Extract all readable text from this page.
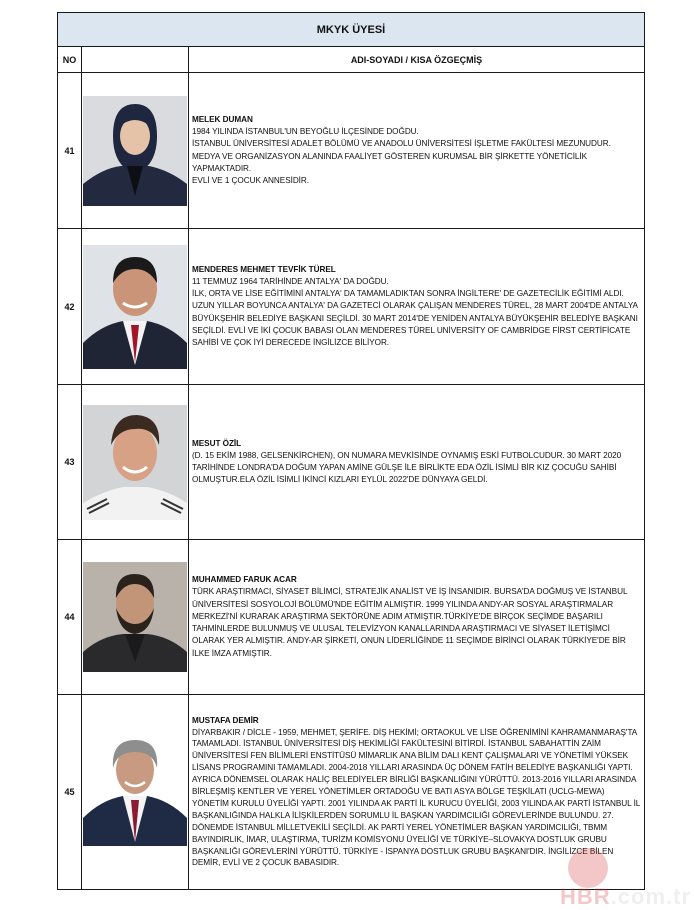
MKYK ÜYESİ
NO	ADI-SOYADI / KISA ÖZGEÇMİŞ
41
MELEK DUMAN

1984 YILINDA İSTANBUL'UN BEYOĞLU İLÇESİNDE DOĞDU.

İSTANBUL ÜNİVERSİTESİ ADALET BÖLÜMÜ VE ANADOLU ÜNİVERSİTESİ İŞLETME FAKÜLTESİ MEZUNUDUR.

MEDYA VE ORGANİZASYON ALANINDA FAALİYET GÖSTEREN KURUMSAL BİR ŞİRKETTE YÖNETİCİLİK YAPMAKTADIR.

EVLİ VE 1 ÇOCUK ANNESİDİR.

42
MENDERES MEHMET TEVFİK TÜREL

11 TEMMUZ 1964 TARİHİNDE ANTALYA' DA DOĞDU.

İLK, ORTA VE LİSE EĞİTİMİNİ ANTALYA' DA TAMAMLADIKTAN SONRA İNGİLTERE' DE GAZETECİLİK EĞİTİMİ ALDI. UZUN YILLAR BOYUNCA ANTALYA' DA GAZETECİ OLARAK ÇALIŞAN MENDERES TÜREL, 28 MART 2004'DE ANTALYA BÜYÜKŞEHİR BELEDİYE BAŞKANI SEÇİLDİ. 30 MART 2014'DE YENİDEN ANTALYA BÜYÜKŞEHİR BELEDİYE BAŞKANI SEÇİLDİ. EVLİ VE İKİ ÇOCUK BABASI OLAN MENDERES TÜREL UNİVERSİTY OF CAMBRİDGE FİRST CERTİFİCATE SAHİBİ VE ÇOK İYİ DERECEDE İNGİLİZCE BİLİYOR.

43
MESUT ÖZİL

(D. 15 EKİM 1988, GELSENKİRCHEN), ON NUMARA MEVKİSİNDE OYNAMIŞ ESKİ FUTBOLCUDUR. 30 MART 2020 TARİHİNDE LONDRA'DA DOĞUM YAPAN AMİNE GÜLŞE İLE BİRLİKTE EDA ÖZİL İSİMLİ BİR KIZ ÇOCUĞU SAHİBİ OLMUŞTUR.ELA ÖZİL İSİMLİ İKİNCİ KIZLARI EYLÜL 2022'DE DÜNYAYA GELDİ.

44
MUHAMMED FARUK ACAR

TÜRK ARAŞTIRMACI, SİYASET BİLİMCİ, STRATEJİK ANALİST VE İŞ İNSANIDIR. BURSA'DA DOĞMUŞ VE İSTANBUL ÜNİVERSİTESİ SOSYOLOJİ BÖLÜMÜ'NDE EĞİTİM ALMIŞTIR. 1999 YILINDA ANDY-AR SOSYAL ARAŞTIRMALAR MERKEZİ'Nİ KURARAK ARAŞTIRMA SEKTÖRÜNE ADIM ATMIŞTIR.TÜRKİYE'DE BİRÇOK SEÇİMDE BAŞARILI TAHMİNLERDE BULUNMUŞ VE ULUSAL TELEVİZYON KANALLARINDA ARAŞTIRMACI VE SİYASET İLETİŞİMCİ OLARAK YER ALMIŞTIR. ANDY-AR ŞİRKETİ, ONUN LİDERLİĞİNDE 11 SEÇİMDE BİRİNCİ OLARAK TÜRKİYE'DE BİR İLKE İMZA ATMIŞTIR.

45
MUSTAFA DEMİR

DİYARBAKIR / DİCLE - 1959, MEHMET, ŞERİFE. DİŞ HEKİMİ; ORTAOKUL VE LİSE ÖĞRENİMİNİ KAHRAMANMARAŞ'TA TAMAMLADI. İSTANBUL ÜNİVERSİTESİ DİŞ HEKİMLİĞİ FAKÜLTESİNİ BİTİRDİ. İSTANBUL SABAHATTİN ZAİM ÜNİVERSİTESİ FEN BİLİMLERİ ENSTİTÜSÜ MİMARLIK ANA BİLİM DALI KENT ÇALIŞMALARI VE YÖNETİMİ YÜKSEK LİSANS PROGRAMINI TAMAMLADI. 2004-2018 YILLARI ARASINDA ÜÇ DÖNEM FATİH BELEDİYE BAŞKANLIĞI YAPTI. AYRICA DÖNEMSEL OLARAK HALİÇ BELEDİYELER BİRLİĞİ BAŞKANLIĞINI YÜRÜTTÜ. 2013-2016 YILLARI ARASINDA BİRLEŞMİŞ KENTLER VE YEREL YÖNETİMLER ORTADOĞU VE BATI ASYA BÖLGE TEŞKİLATI (UCLG-MEWA) YÖNETİM KURULU ÜYELİĞİ YAPTI. 2001 YILINDA AK PARTİ İL KURUCU ÜYELİĞİ, 2003 YILINDA AK PARTİ İSTANBUL İL BAŞKANLIĞINDA HALKLA İLİŞKİLERDEN SORUMLU İL BAŞKAN YARDIMCILIĞI GÖREVLERİNDE BULUNDU. 27. DÖNEMDE İSTANBUL MİLLETVEKİLİ SEÇİLDİ. AK PARTİ YEREL YÖNETİMLER BAŞKAN YARDIMCILIĞI, TBMM BAYINDIRLIK, İMAR, ULAŞTIRMA, TURİZM KOMİSYONU ÜYELİĞİ VE TÜRKİYE–SLOVAKYA DOSTLUK GRUBU BAŞKANLIĞI GÖREVLERİNİ YÜRÜTTÜ. TÜRKİYE - İSPANYA DOSTLUK GRUBU BAŞKANI'DIR. İNGİLİZCE BİLEN DEMİR, EVLİ VE 2 ÇOCUK BABASIDIR.

HBR.com.tr
